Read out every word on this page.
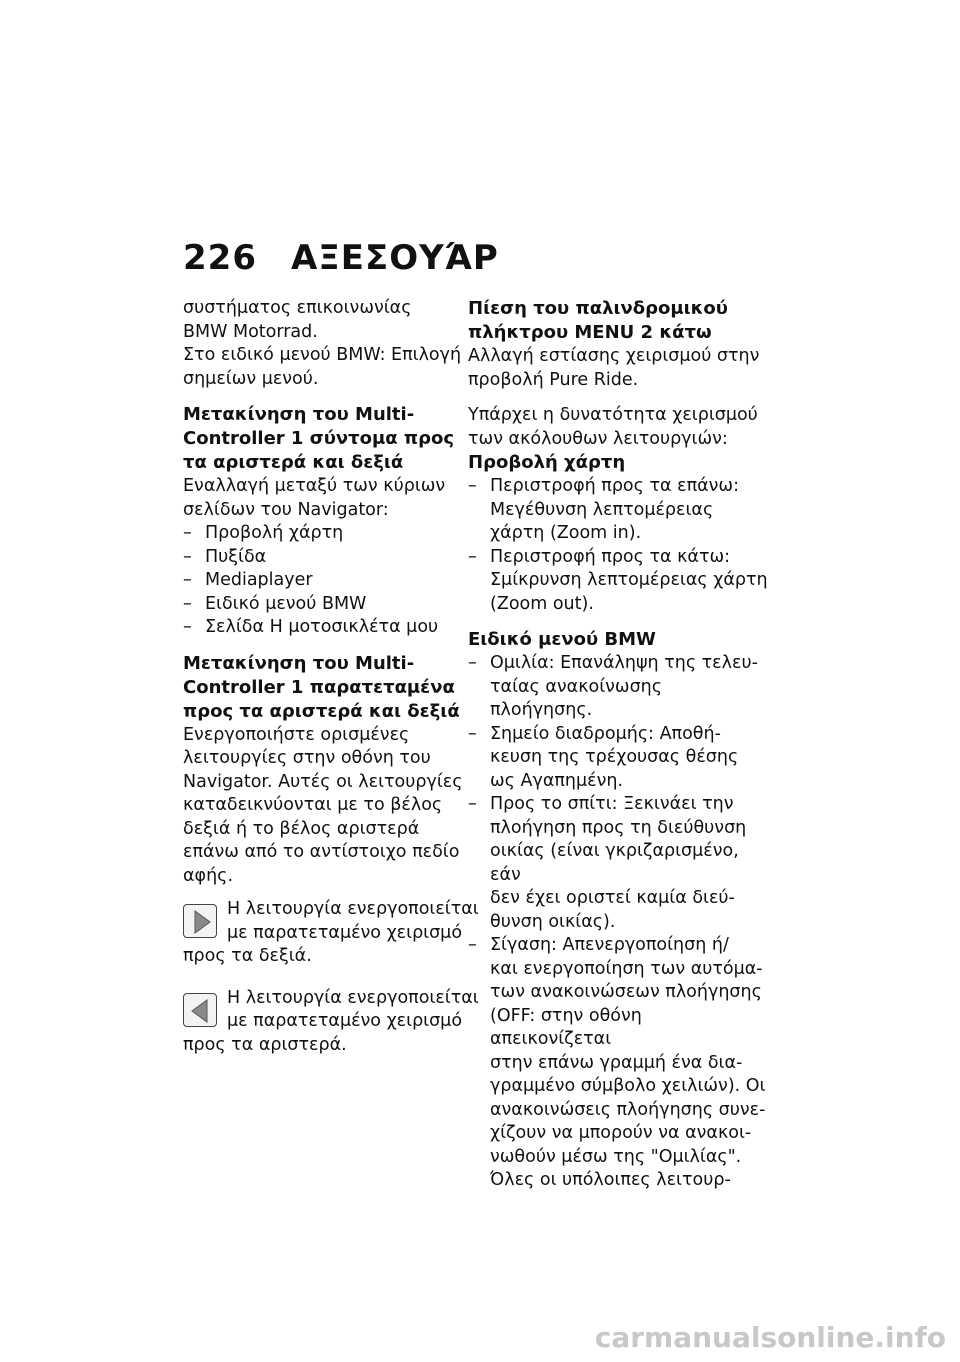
226 ΑΞΕΣΟΥΆΡ

συστήματος επικοινωνίας

BMW Motorrad.

Στο ειδικό μενού BMW: Επιλογή

σημείων μενού.

Μετακίνηση του Multi-

Controller 1 σύντομα προς

τα αριστερά και δεξιά

Εναλλαγή μεταξύ των κύριων

σελίδων του Navigator:

– Προβολή χάρτη

– Πυξίδα

– Mediaplayer

– Ειδικό μενού BMW

– Σελίδα Η μοτοσικλέτα μου

Μετακίνηση του Multi-

Controller 1 παρατεταμένα

προς τα αριστερά και δεξιά

Ενεργοποιήστε ορισμένες

λειτουργίες στην οθόνη του

Navigator. Αυτές οι λειτουργίες

καταδεικνύονται με το βέλος

δεξιά ή το βέλος αριστερά

επάνω από το αντίστοιχο πεδίο

αφής.

Η λειτουργία ενεργοποιείται
με παρατεταμένο χειρισμό
προς τα δεξιά.

Η λειτουργία ενεργοποιείται
με παρατεταμένο χειρισμό
προς τα αριστερά.

Πίεση του παλινδρομικού

πλήκτρου MENU 2 κάτω

Αλλαγή εστίασης χειρισμού στην

προβολή Pure Ride.

Υπάρχει η δυνατότητα χειρισμού

των ακόλουθων λειτουργιών:

Προβολή χάρτη

– Περιστροφή προς τα επάνω:

Μεγέθυνση λεπτομέρειας

χάρτη (Zoom in).

– Περιστροφή προς τα κάτω:

Σμίκρυνση λεπτομέρειας χάρτη

(Zoom out).

Ειδικό μενού BMW

– Ομιλία: Επανάληψη της τελευ-

ταίας ανακοίνωσης πλοήγησης.

– Σημείο διαδρομής: Αποθή-

κευση της τρέχουσας θέσης

ως Αγαπημένη.

– Προς το σπίτι: Ξεκινάει την

πλοήγηση προς τη διεύθυνση

οικίας (είναι γκριζαρισμένο, εάν

δεν έχει οριστεί καμία διεύ-

θυνση οικίας).

– Σίγαση: Απενεργοποίηση ή/

και ενεργοποίηση των αυτόμα-

των ανακοινώσεων πλοήγησης

(OFF: στην οθόνη απεικονίζεται

στην επάνω γραμμή ένα δια-

γραμμένο σύμβολο χειλιών). Οι

ανακοινώσεις πλοήγησης συνε-

χίζουν να μπορούν να ανακοι-

νωθούν μέσω της "Ομιλίας".

Όλες οι υπόλοιπες λειτουρ-

carmanualsonline.info
